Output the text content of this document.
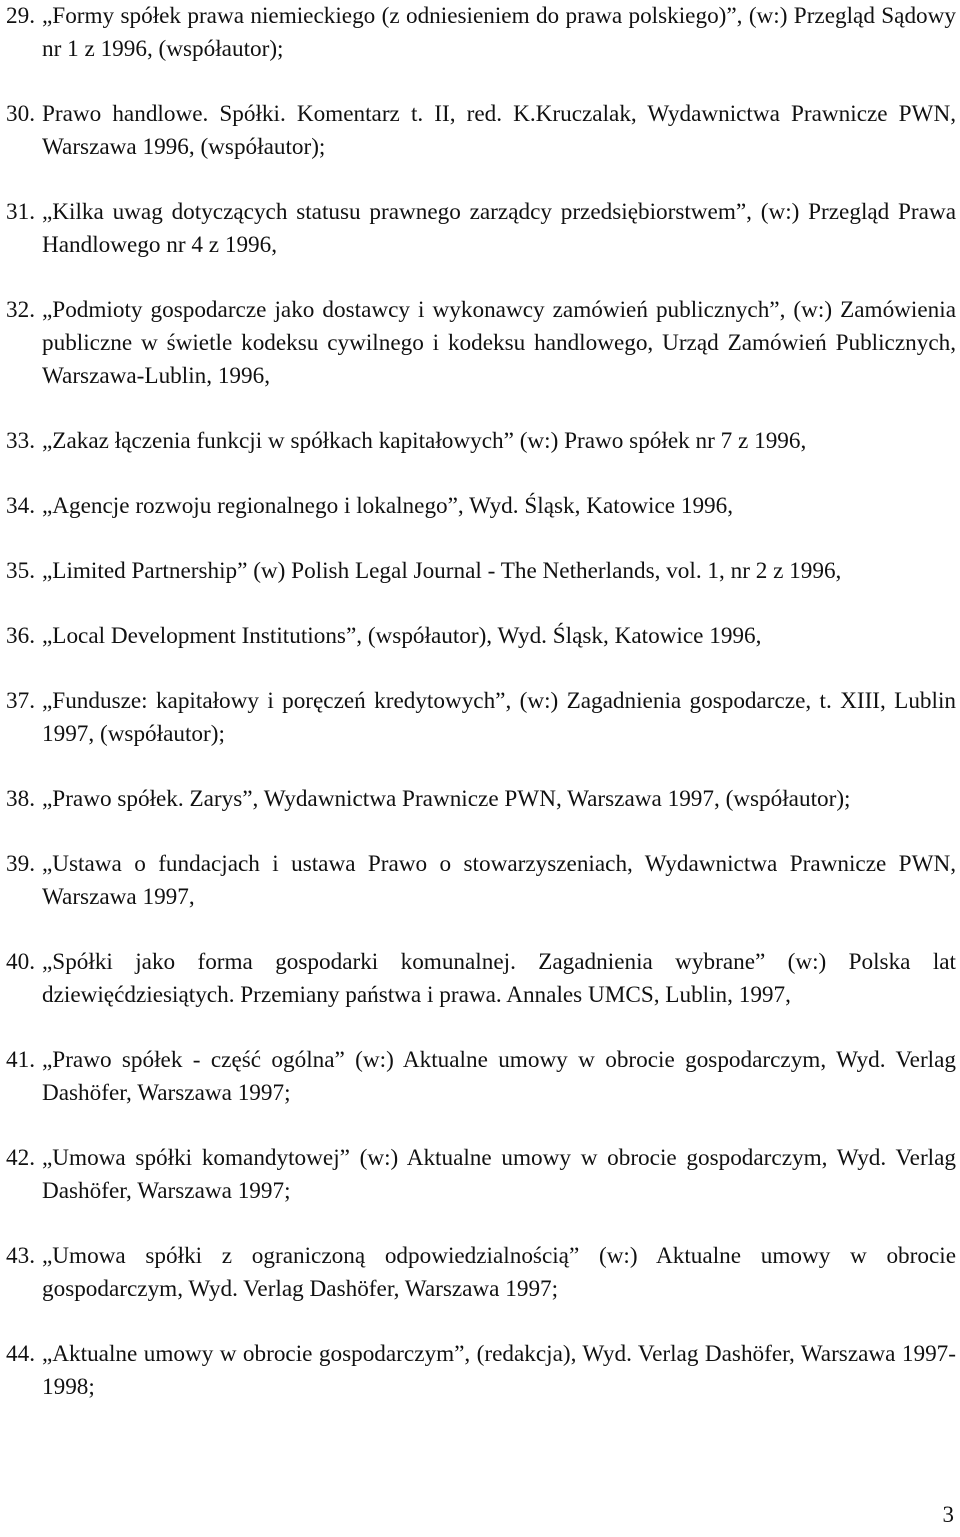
29. „Formy spółek prawa niemieckiego (z odniesieniem do prawa polskiego)”, (w:) Przegląd Sądowy nr 1 z 1996, (współautor);
30. Prawo handlowe. Spółki. Komentarz t. II, red. K.Kruczalak, Wydawnictwa Prawnicze PWN, Warszawa 1996, (współautor);
31. „Kilka uwag dotyczących statusu prawnego zarządcy przedsiębiorstwem”, (w:) Przegląd Prawa Handlowego nr 4 z 1996,
32. „Podmioty gospodarcze jako dostawcy i wykonawcy zamówień publicznych”, (w:) Zamówienia publiczne w świetle kodeksu cywilnego i kodeksu handlowego, Urząd Zamówień Publicznych, Warszawa-Lublin, 1996,
33. „Zakaz łączenia funkcji w spółkach kapitałowych” (w:) Prawo spółek nr 7 z 1996,
34. „Agencje rozwoju regionalnego i lokalnego”, Wyd. Śląsk, Katowice 1996,
35. „Limited Partnership” (w) Polish Legal Journal - The Netherlands, vol. 1, nr 2 z 1996,
36. „Local Development Institutions”, (współautor), Wyd. Śląsk, Katowice 1996,
37. „Fundusze: kapitałowy i poręczeń kredytowych”, (w:) Zagadnienia gospodarcze, t. XIII, Lublin 1997, (współautor);
38. „Prawo spółek. Zarys”, Wydawnictwa Prawnicze PWN, Warszawa 1997, (współautor);
39. „Ustawa o fundacjach i ustawa Prawo o stowarzyszeniach, Wydawnictwa Prawnicze PWN, Warszawa 1997,
40. „Spółki jako forma gospodarki komunalnej. Zagadnienia wybrane” (w:) Polska lat dziewięćdziesiątych. Przemiany państwa i prawa. Annales UMCS, Lublin, 1997,
41. „Prawo spółek - część ogólna” (w:) Aktualne umowy w obrocie gospodarczym, Wyd. Verlag Dashöfer, Warszawa 1997;
42. „Umowa spółki komandytowej” (w:) Aktualne umowy w obrocie gospodarczym, Wyd. Verlag Dashöfer, Warszawa 1997;
43. „Umowa spółki z ograniczoną odpowiedzialnością” (w:) Aktualne umowy w obrocie gospodarczym, Wyd. Verlag Dashöfer, Warszawa 1997;
44. „Aktualne umowy w obrocie gospodarczym”, (redakcja), Wyd. Verlag Dashöfer, Warszawa 1997-1998;
3
